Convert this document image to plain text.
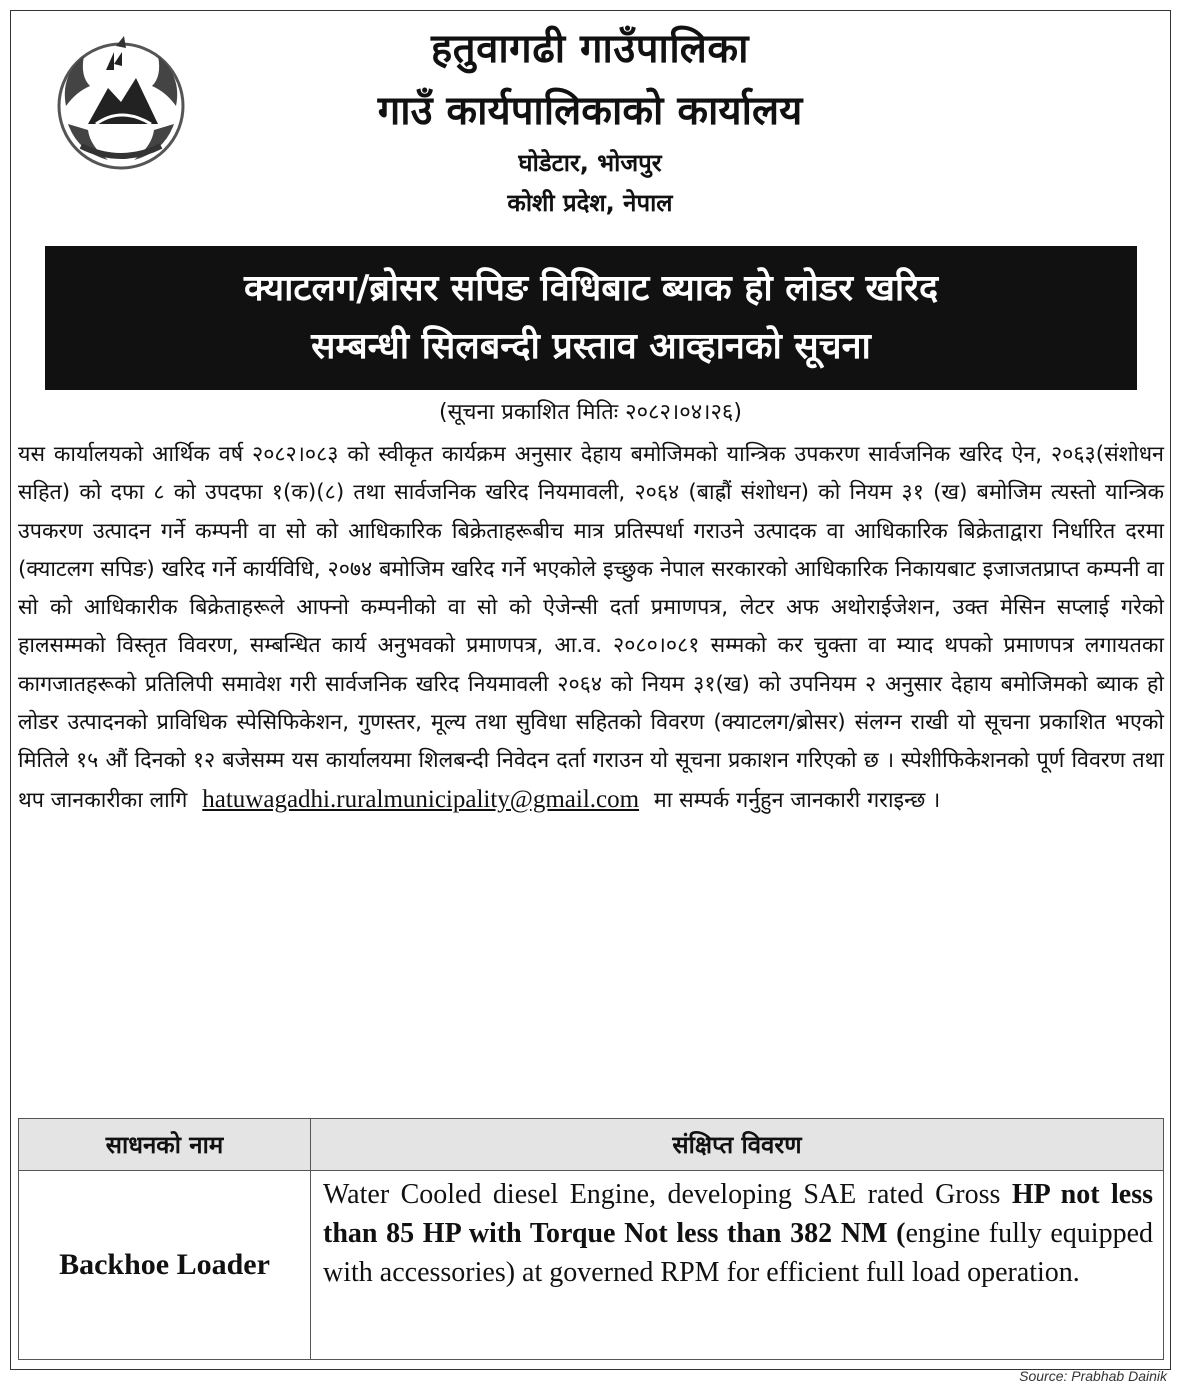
हतुवागढी गाउँपालिका
गाउँ कार्यपालिकाको कार्यालय
घोडेटार, भोजपुर
कोशी प्रदेश, नेपाल
क्याटलग/ब्रोसर सपिङ विधिबाट ब्याक हो लोडर खरिद
सम्बन्धी सिलबन्दी प्रस्ताव आव्हानको सूचना
(सूचना प्रकाशित मितिः २०८२।०४।२६)
यस कार्यालयको आर्थिक वर्ष २०८२।०८३ को स्वीकृत कार्यक्रम अनुसार देहाय बमोजिमको यान्त्रिक उपकरण सार्वजनिक खरिद ऐन, २०६३(संशोधन सहित) को दफा ८ को उपदफा १(क)(८) तथा सार्वजनिक खरिद नियमावली, २०६४ (बाह्रौं संशोधन) को नियम ३१ (ख) बमोजिम त्यस्तो यान्त्रिक उपकरण उत्पादन गर्ने कम्पनी वा सो को आधिकारिक बिक्रेताहरूबीच मात्र प्रतिस्पर्धा गराउने उत्पादक वा आधिकारिक बिक्रेताद्वारा निर्धारित दरमा (क्याटलग सपिङ) खरिद गर्ने कार्यविधि, २०७४ बमोजिम खरिद गर्ने भएकोले इच्छुक नेपाल सरकारको आधिकारिक निकायबाट इजाजतप्राप्त कम्पनी वा सो को आधिकारीक बिक्रेताहरूले आफ्नो कम्पनीको वा सो को ऐजेन्सी दर्ता प्रमाणपत्र, लेटर अफ अथोराईजेशन, उक्त मेसिन सप्लाई गरेको हालसम्मको विस्तृत विवरण, सम्बन्धित कार्य अनुभवको प्रमाणपत्र, आ.व. २०८०।०८१ सम्मको कर चुक्ता वा म्याद थपको प्रमाणपत्र लगायतका कागजातहरूको प्रतिलिपी समावेश गरी सार्वजनिक खरिद नियमावली २०६४ को नियम ३१(ख) को उपनियम २ अनुसार देहाय बमोजिमको ब्याक हो लोडर उत्पादनको प्राविधिक स्पेसिफिकेशन, गुणस्तर, मूल्य तथा सुविधा सहितको विवरण (क्याटलग/ब्रोसर) संलग्न राखी यो सूचना प्रकाशित भएको मितिले १५ औं दिनको १२ बजेसम्म यस कार्यालयमा शिलबन्दी निवेदन दर्ता गराउन यो सूचना प्रकाशन गरिएको छ । स्पेशीफिकेशनको पूर्ण विवरण तथा थप जानकारीका लागि hatuwagadhi.ruralmunicipality@gmail.com मा सम्पर्क गर्नुहुन जानकारी गराइन्छ ।
साधनको नाम	संक्षिप्त विवरण
Backhoe Loader	Water Cooled diesel Engine, developing SAE rated Gross HP not less than 85 HP with Torque Not less than 382 NM (engine fully equipped with accessories) at governed RPM for efficient full load operation.
Source: Prabhab Dainik
